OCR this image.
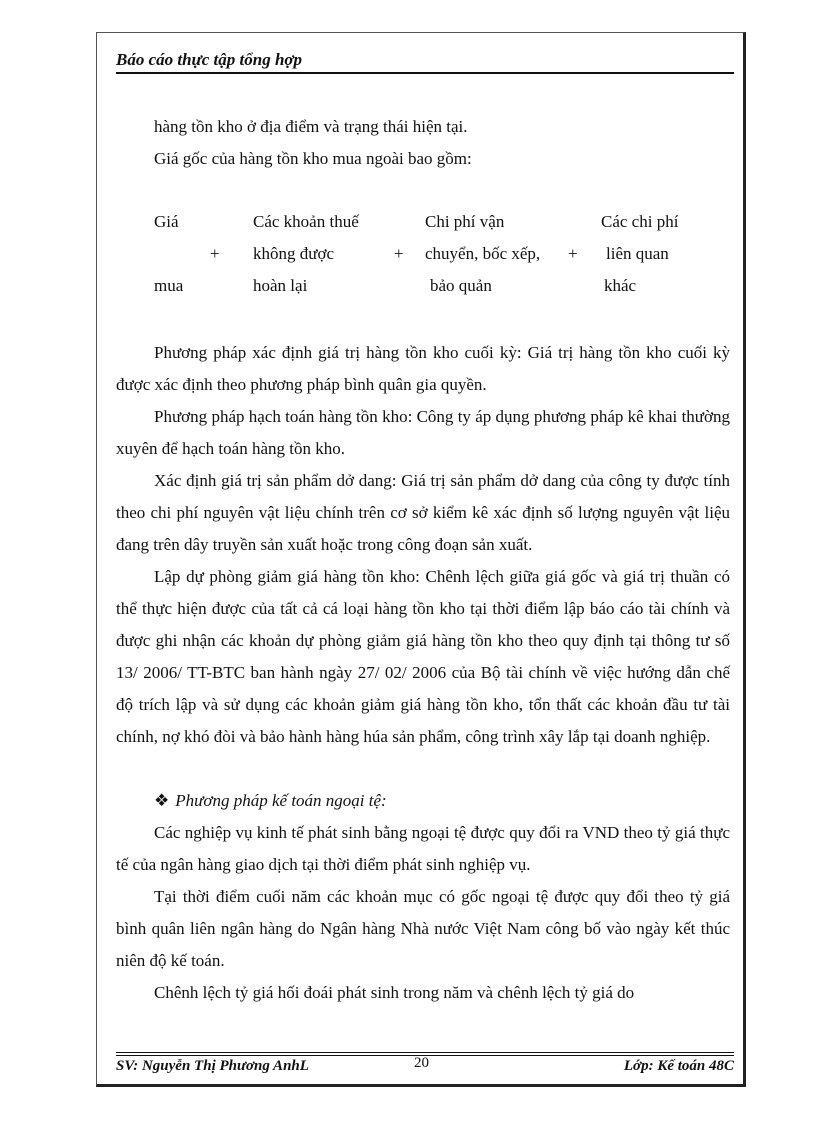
Báo cáo thực tập tổng hợp

hàng tồn kho ở địa điểm và trạng thái hiện tại.

Giá gốc của hàng tồn kho mua ngoài bao gồm:

Giá
mua
+
Các khoản thuế
không được
hoàn lại
+
Chi phí vận
chuyển, bốc xếp,
bảo quản
+
Các chi phí
liên quan
khác

Phương pháp xác định giá trị hàng tồn kho cuối kỳ: Giá trị hàng tồn kho cuối kỳ được xác định theo phương pháp bình quân gia quyền.

Phương pháp hạch toán hàng tồn kho: Công ty áp dụng phương pháp kê khai thường xuyên để hạch toán hàng tồn kho.

Xác định giá trị sản phẩm dở dang: Giá trị sản phẩm dở dang của công ty được tính theo chi phí nguyên vật liệu chính trên cơ sở kiểm kê xác định số lượng nguyên vật liệu đang trên dây truyền sản xuất hoặc trong công đoạn sản xuất.

Lập dự phòng giảm giá hàng tồn kho: Chênh lệch giữa giá gốc và giá trị thuần có thể thực hiện được của tất cả cá loại hàng tồn kho tại thời điểm lập báo cáo tài chính và được ghi nhận các khoản dự phòng giảm giá hàng tồn kho theo quy định tại thông tư số 13/ 2006/ TT-BTC ban hành ngày 27/ 02/ 2006 của Bộ tài chính về việc hướng dẫn chế độ trích lập và sử dụng các khoản giảm giá hàng tồn kho, tổn thất các khoản đầu tư tài chính, nợ khó đòi và bảo hành hàng húa sản phẩm, công trình xây lắp tại doanh nghiệp.

❖ Phương pháp kế toán ngoại tệ:

Các nghiệp vụ kinh tế phát sinh bằng ngoại tệ được quy đổi ra VND theo tỷ giá thực tế của ngân hàng giao dịch tại thời điểm phát sinh nghiệp vụ.

Tại thời điểm cuối năm các khoản mục có gốc ngoại tệ được quy đổi theo tỷ giá bình quân liên ngân hàng do Ngân hàng Nhà nước Việt Nam công bố vào ngày kết thúc niên độ kế toán.

Chênh lệch tỷ giá hối đoái phát sinh trong năm và chênh lệch tỷ giá do

SV: Nguyễn Thị Phương AnhL	20	Lớp: Kế toán 48C
